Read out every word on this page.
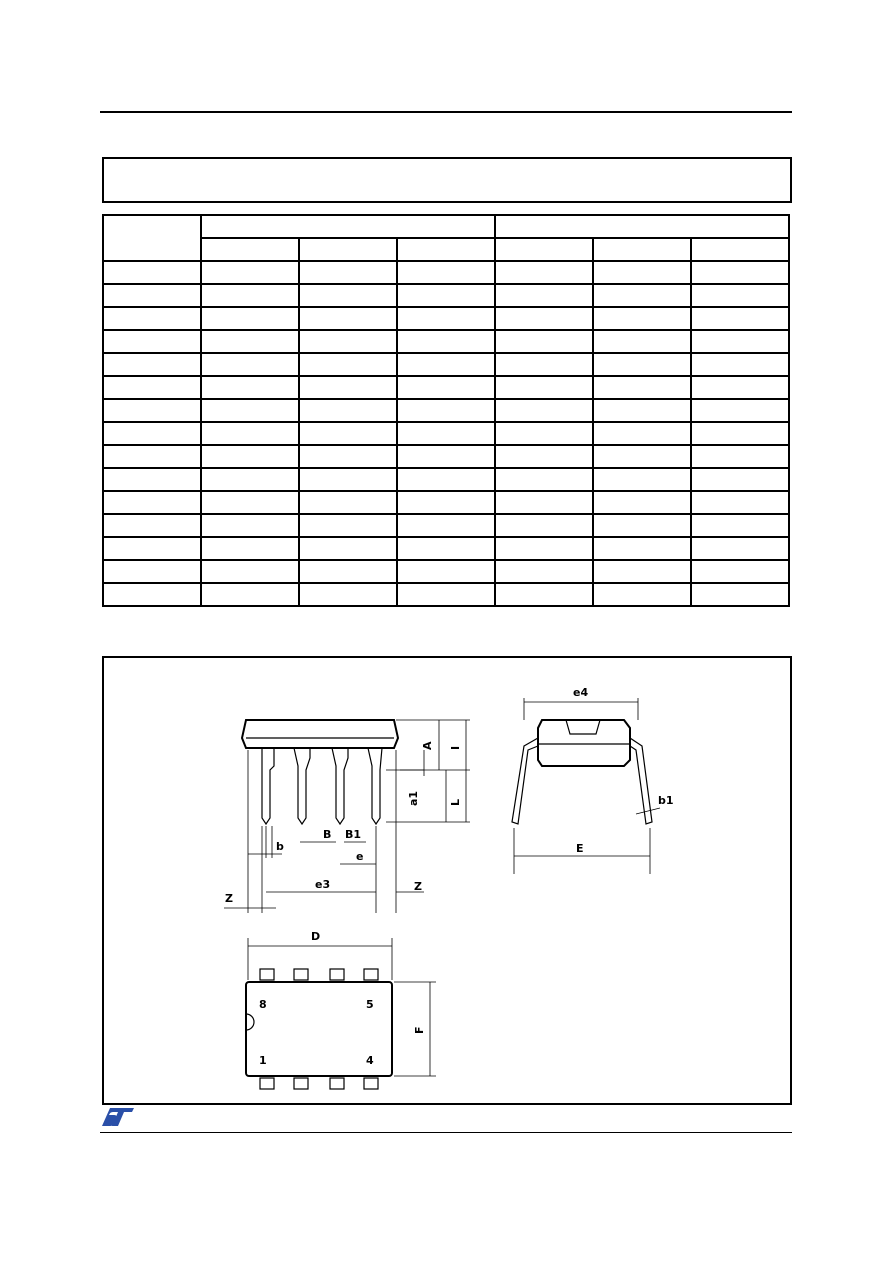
A I
a1	L
b
B B1
e
e3
Z
Z
e4
b1
E
D
F
8	5
1	4
